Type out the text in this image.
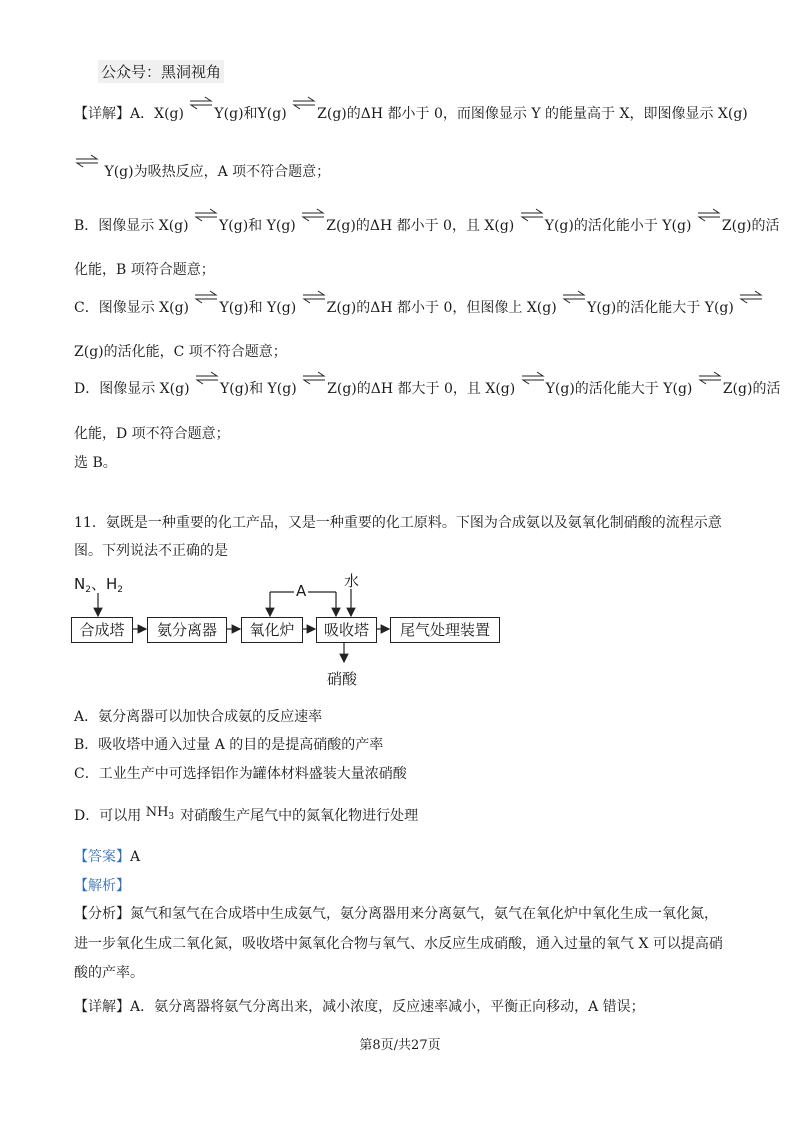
公众号：黑洞视角
【详解】A．X(g) ⇌Y(g)和Y(g) ⇌Z(g)的ΔH 都小于 0，而图像显示 Y 的能量高于 X，即图像显示 X(g)
⇌ Y(g)为吸热反应，A 项不符合题意；
B．图像显示 X(g) ⇌Y(g)和 Y(g) ⇌Z(g)的ΔH 都小于 0，且 X(g) ⇌Y(g)的活化能小于 Y(g) ⇌Z(g)的活
化能，B 项符合题意；
C．图像显示 X(g) ⇌Y(g)和 Y(g) ⇌Z(g)的ΔH 都小于 0，但图像上 X(g) ⇌Y(g)的活化能大于 Y(g) ⇌
Z(g)的活化能，C 项不符合题意；
D．图像显示 X(g) ⇌Y(g)和 Y(g) ⇌Z(g)的ΔH 都大于 0，且 X(g) ⇌Y(g)的活化能大于 Y(g) ⇌Z(g)的活
化能，D 项不符合题意；
选 B。
11．氨既是一种重要的化工产品，又是一种重要的化工原料。下图为合成氨以及氨氧化制硝酸的流程示意
图。下列说法不正确的是
$N_2$、$H_2$	A
水
合成塔	氨分离器	氧化炉	吸收塔	尾气处理装置
硝酸
A．氨分离器可以加快合成氨的反应速率
B．吸收塔中通入过量 A 的目的是提高硝酸的产率
C．工业生产中可选择铝作为罐体材料盛装大量浓硝酸
D．可以用 $NH_3$ 对硝酸生产尾气中的氮氧化物进行处理
【答案】A
【解析】
【分析】氮气和氢气在合成塔中生成氨气，氨分离器用来分离氨气，氨气在氧化炉中氧化生成一氧化氮，
进一步氧化生成二氧化氮，吸收塔中氮氧化合物与氧气、水反应生成硝酸，通入过量的氧气 X 可以提高硝
酸的产率。
【详解】A．氨分离器将氨气分离出来，减小浓度，反应速率减小，平衡正向移动，A 错误；
第8页/共27页
